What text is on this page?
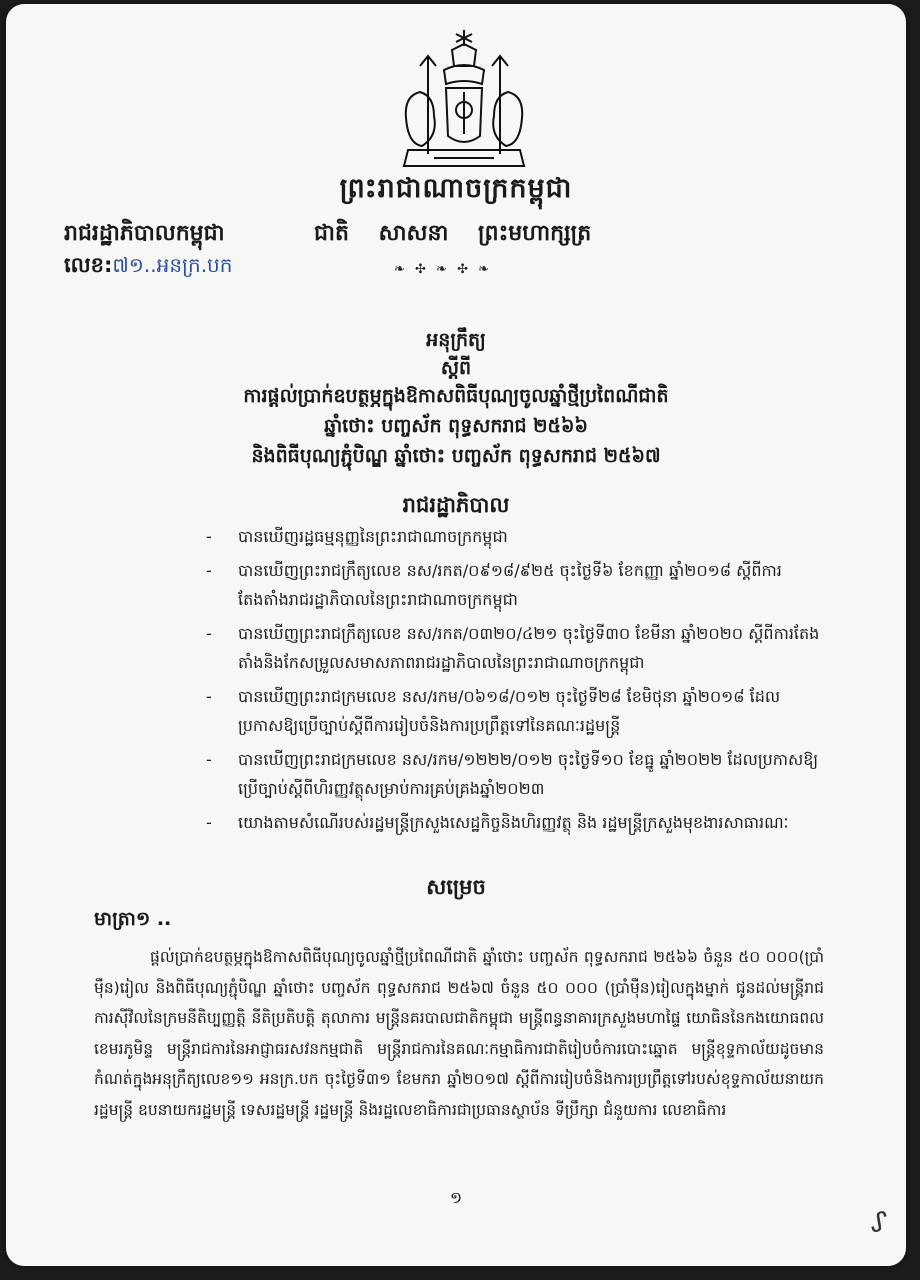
ព្រះរាជាណាចក្រកម្ពុជា
រាជរដ្ឋាភិបាលកម្ពុជា
លេខ:៧១..អនក្រ.បក
ជាតិ សាសនា ព្រះមហាក្សត្រ
❧ ✣ ❧ ✣ ❧
អនុក្រឹត្យ
ស្តីពី
ការផ្តល់ប្រាក់ឧបត្ថម្ភក្នុងឱកាសពិធីបុណ្យចូលឆ្នាំថ្មីប្រពៃណីជាតិ
ឆ្នាំថោះ បញ្ចស័ក ពុទ្ធសករាជ ២៥៦៦
និងពិធីបុណ្យភ្ជុំបិណ្ឌ ឆ្នាំថោះ បញ្ចស័ក ពុទ្ធសករាជ ២៥៦៧
រាជរដ្ឋាភិបាល
- បានឃើញរដ្ឋធម្មនុញ្ញនៃព្រះរាជាណាចក្រកម្ពុជា
- បានឃើញព្រះរាជក្រឹត្យលេខ នស/រកត/០៩១៨/៩២៥ ចុះថ្ងៃទី៦ ខែកញ្ញា ឆ្នាំ២០១៨ ស្តីពីការតែងតាំងរាជរដ្ឋាភិបាលនៃព្រះរាជាណាចក្រកម្ពុជា
- បានឃើញព្រះរាជក្រឹត្យលេខ នស/រកត/០៣២០/៤២១ ចុះថ្ងៃទី៣០ ខែមីនា ឆ្នាំ២០២០ ស្តីពីការតែងតាំងនិងកែសម្រួលសមាសភាពរាជរដ្ឋាភិបាលនៃព្រះរាជាណាចក្រកម្ពុជា
- បានឃើញព្រះរាជក្រមលេខ នស/រកម/០៦១៨/០១២ ចុះថ្ងៃទី២៨ ខែមិថុនា ឆ្នាំ២០១៨ ដែលប្រកាសឱ្យប្រើច្បាប់ស្តីពីការរៀបចំនិងការប្រព្រឹត្តទៅនៃគណៈរដ្ឋមន្ត្រី
- បានឃើញព្រះរាជក្រមលេខ នស/រកម/១២២២/០១២ ចុះថ្ងៃទី១០ ខែធ្នូ ឆ្នាំ២០២២ ដែលប្រកាសឱ្យប្រើច្បាប់ស្តីពីហិរញ្ញវត្ថុសម្រាប់ការគ្រប់គ្រងឆ្នាំ២០២៣
- យោងតាមសំណើរបស់រដ្ឋមន្ត្រីក្រសួងសេដ្ឋកិច្ចនិងហិរញ្ញវត្ថុ និង រដ្ឋមន្ត្រីក្រសួងមុខងារសាធារណៈ
សម្រេច
មាត្រា១ ..
ផ្តល់ប្រាក់ឧបត្ថម្ភក្នុងឱកាសពិធីបុណ្យចូលឆ្នាំថ្មីប្រពៃណីជាតិ ឆ្នាំថោះ បញ្ចស័ក ពុទ្ធសករាជ ២៥៦៦ ចំនួន ៥០ ០០០(ប្រាំម៉ឺន)រៀល និងពិធីបុណ្យភ្ជុំបិណ្ឌ ឆ្នាំថោះ បញ្ចស័ក ពុទ្ធសករាជ ២៥៦៧ ចំនួន ៥០ ០០០ (ប្រាំម៉ឺន)រៀលក្នុងម្នាក់ ជូនដល់មន្ត្រីរាជការស៊ីវិលនៃក្រមនីតិប្បញ្ញត្តិ នីតិប្រតិបត្តិ តុលាការ មន្ត្រីនគរបាលជាតិកម្ពុជា មន្ត្រីពន្ធនាគារក្រសួងមហាផ្ទៃ យោធិននៃកងយោធពលខេមរភូមិន្ទ មន្ត្រីរាជការនៃអាជ្ញាធរសវនកម្មជាតិ មន្ត្រីរាជការនៃគណៈកម្មាធិការជាតិរៀបចំការបោះឆ្នោត មន្ត្រីខុទ្ទកាល័យដូចមានកំណត់ក្នុងអនុក្រឹត្យលេខ១១ អនក្រ.បក ចុះថ្ងៃទី៣១ ខែមករា ឆ្នាំ២០១៧ ស្តីពីការរៀបចំនិងការប្រព្រឹត្តទៅរបស់ខុទ្ទកាល័យនាយករដ្ឋមន្ត្រី ឧបនាយករដ្ឋមន្ត្រី ទេសរដ្ឋមន្ត្រី រដ្ឋមន្ត្រី និងរដ្ឋលេខាធិការជាប្រធានស្ថាប័ន ទីប្រឹក្សា ជំនួយការ លេខាធិការ
១
ᔑ
